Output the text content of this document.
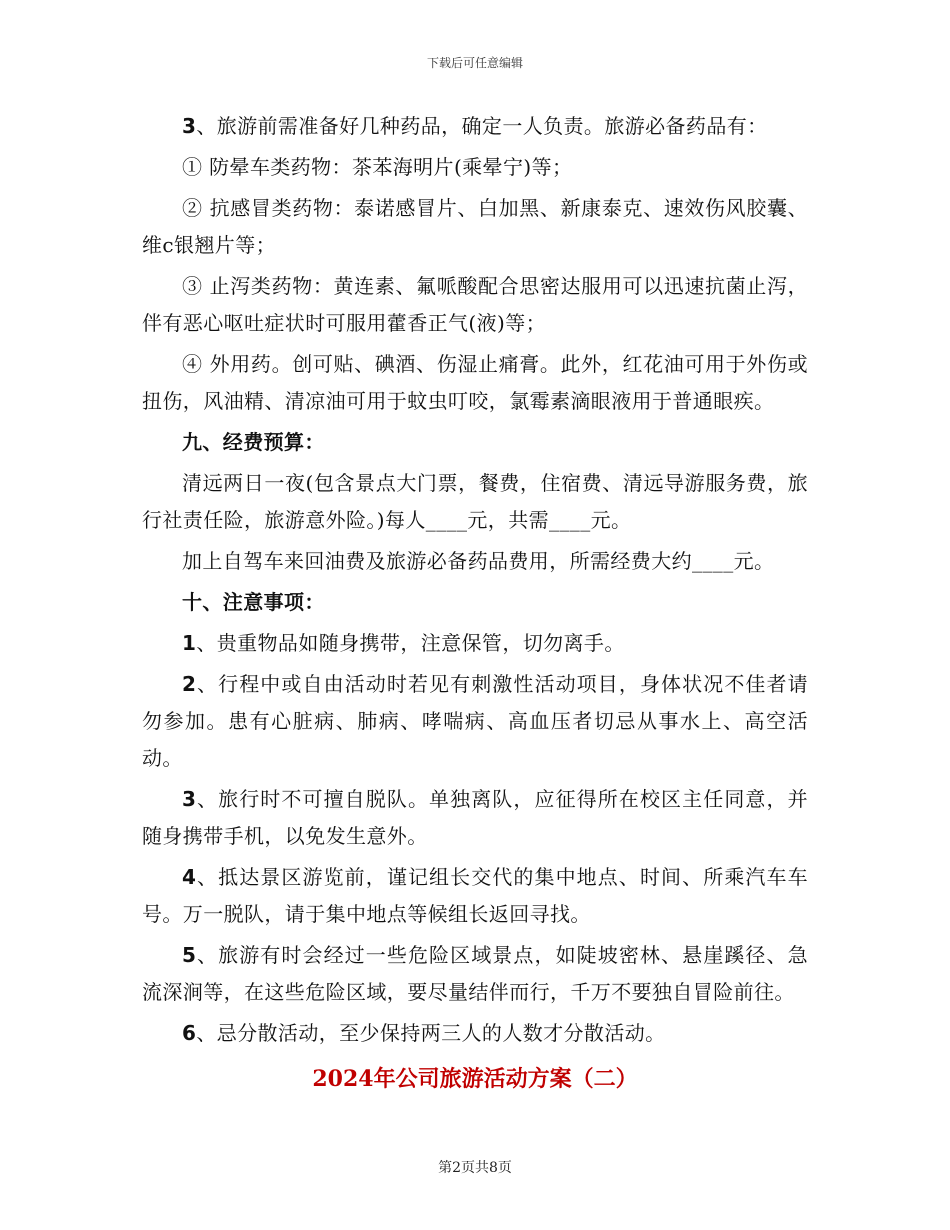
下载后可任意编辑

3、旅游前需准备好几种药品，确定一人负责。旅游必备药品有：

① 防晕车类药物：茶苯海明片(乘晕宁)等；

② 抗感冒类药物：泰诺感冒片、白加黑、新康泰克、速效伤风胶囊、维c银翘片等；

③ 止泻类药物：黄连素、氟哌酸配合思密达服用可以迅速抗菌止泻，伴有恶心呕吐症状时可服用藿香正气(液)等；

④ 外用药。创可贴、碘酒、伤湿止痛膏。此外，红花油可用于外伤或扭伤，风油精、清凉油可用于蚊虫叮咬，氯霉素滴眼液用于普通眼疾。

九、经费预算：

清远两日一夜(包含景点大门票，餐费，住宿费、清远导游服务费，旅行社责任险，旅游意外险。)每人____元，共需____元。

加上自驾车来回油费及旅游必备药品费用，所需经费大约____元。

十、注意事项：

1、贵重物品如随身携带，注意保管，切勿离手。

2、行程中或自由活动时若见有刺激性活动项目，身体状况不佳者请勿参加。患有心脏病、肺病、哮喘病、高血压者切忌从事水上、高空活动。

3、旅行时不可擅自脱队。单独离队，应征得所在校区主任同意，并随身携带手机，以免发生意外。

4、抵达景区游览前，谨记组长交代的集中地点、时间、所乘汽车车号。万一脱队，请于集中地点等候组长返回寻找。

5、旅游有时会经过一些危险区域景点，如陡坡密林、悬崖蹊径、急流深涧等，在这些危险区域，要尽量结伴而行，千万不要独自冒险前往。

6、忌分散活动，至少保持两三人的人数才分散活动。

2024年公司旅游活动方案（二）
第2页共8页
